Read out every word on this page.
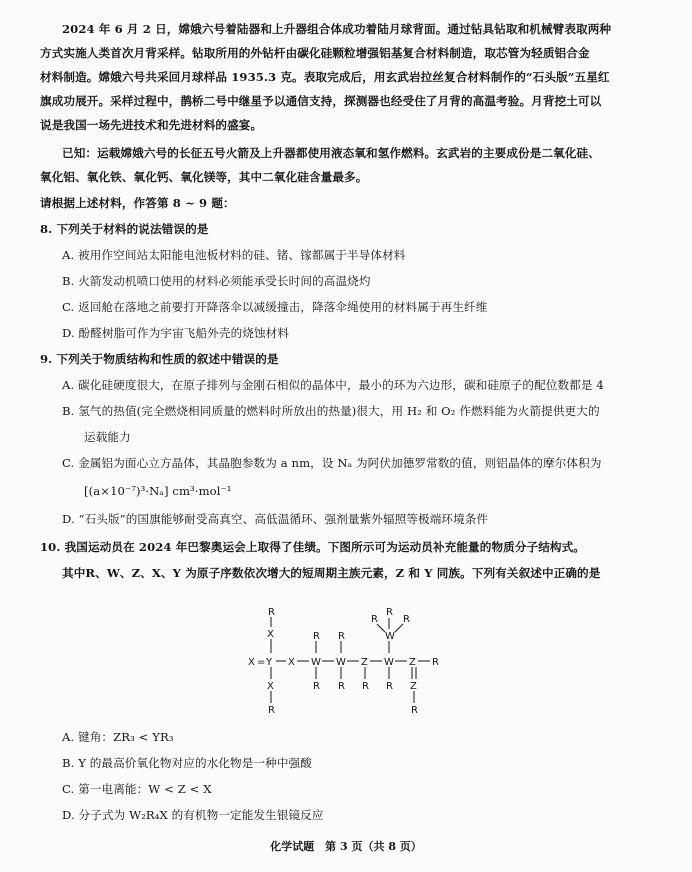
2024 年 6 月 2 日，嫦娥六号着陆器和上升器组合体成功着陆月球背面。通过钻具钻取和机械臂表取两种
方式实施人类首次月背采样。钻取所用的外钻杆由碳化硅颗粒增强铝基复合材料制造，取芯管为轻质铝合金
材料制造。嫦娥六号共采回月球样品 1935.3 克。表取完成后，用玄武岩拉丝复合材料制作的“石头版”五星红
旗成功展开。采样过程中，鹊桥二号中继星予以通信支持，探测器也经受住了月背的高温考验。月背挖土可以
说是我国一场先进技术和先进材料的盛宴。
已知：运载嫦娥六号的长征五号火箭及上升器都使用液态氧和氢作燃料。玄武岩的主要成份是二氧化硅、
氧化铝、氧化铁、氧化钙、氧化镁等，其中二氧化硅含量最多。
请根据上述材料，作答第 8 ~ 9 题：
8. 下列关于材料的说法错误的是
A. 被用作空间站太阳能电池板材料的硅、锗、镓都属于半导体材料
B. 火箭发动机喷口使用的材料必须能承受长时间的高温烧灼
C. 返回舱在落地之前要打开降落伞以减缓撞击，降落伞绳使用的材料属于再生纤维
D. 酚醛树脂可作为宇宙飞船外壳的烧蚀材料
9. 下列关于物质结构和性质的叙述中错误的是
A. 碳化硅硬度很大，在原子排列与金刚石相似的晶体中，最小的环为六边形，碳和硅原子的配位数都是 4
B. 氢气的热值(完全燃烧相同质量的燃料时所放出的热量)很大，用 H₂ 和 O₂ 作燃料能为火箭提供更大的
运载能力
C. 金属铝为面心立方晶体，其晶胞参数为 a nm，设 Nₐ 为阿伏加德罗常数的值，则铝晶体的摩尔体积为
[(a×10⁻⁷)³·Nₐ] cm³·mol⁻¹
D. “石头版”的国旗能够耐受高真空、高低温循环、强剂量紫外辐照等极端环境条件
10. 我国运动员在 2024 年巴黎奥运会上取得了佳绩。下图所示可为运动员补充能量的物质分子结构式。
其中R、W、Z、X、Y 为原子序数依次增大的短周期主族元素，Z 和 Y 同族。下列有关叙述中正确的是
X = Y X W W Z W Z R
R
X
X
R
R
R
R
R
W
R	R
R
R Z
R
R
A. 键角：ZR₃ < YR₃
B. Y 的最高价氧化物对应的水化物是一种中强酸
C. 第一电离能：W < Z < X
D. 分子式为 W₂R₄X 的有机物一定能发生银镜反应
化学试题　第 3 页（共 8 页）
